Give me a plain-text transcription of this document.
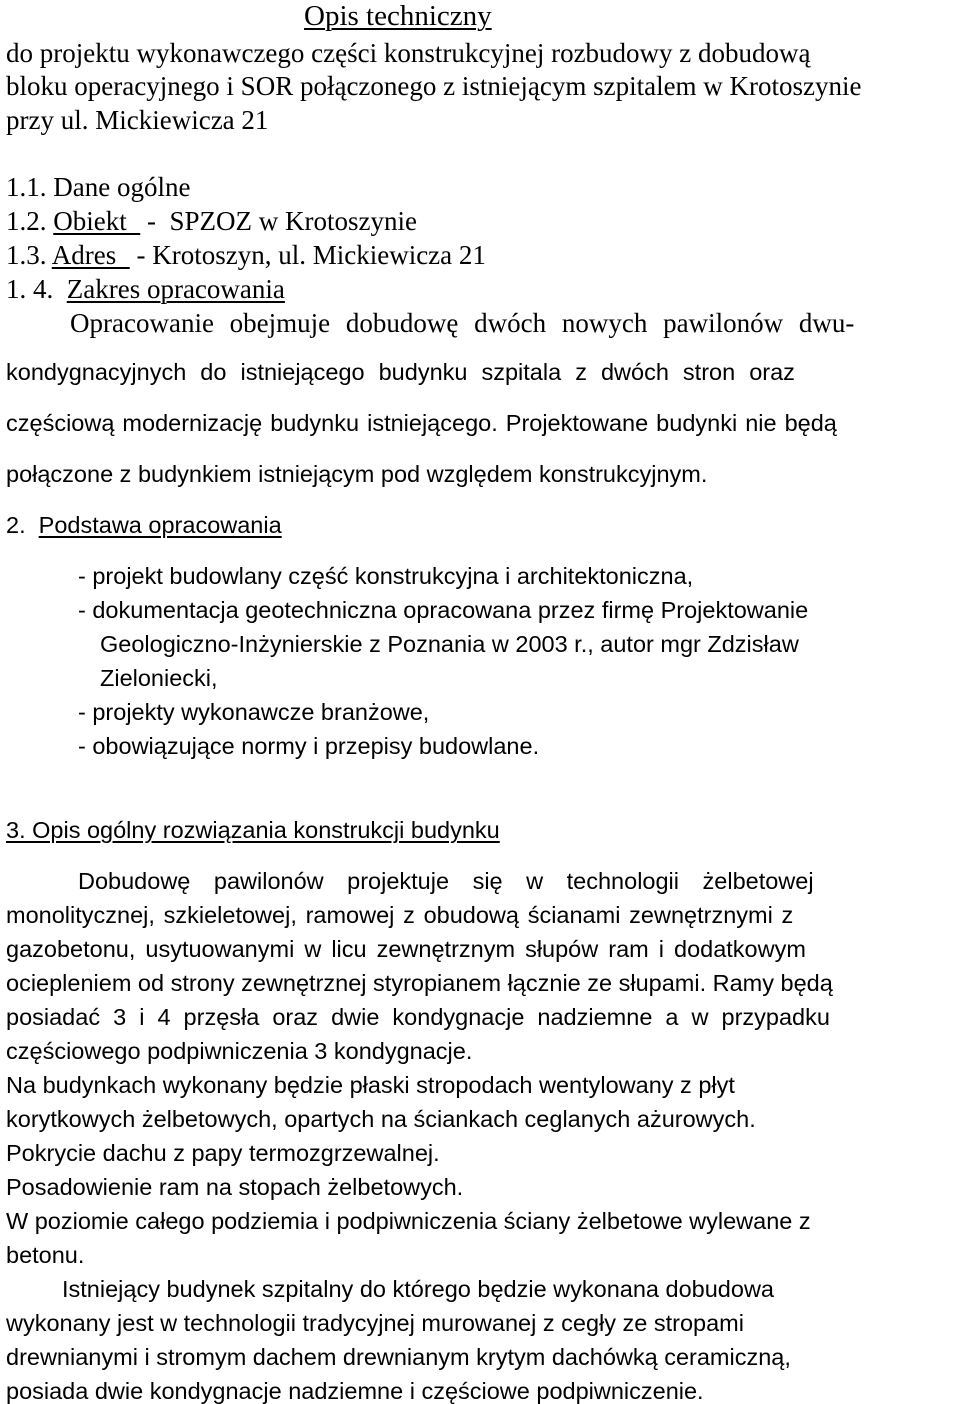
Opis techniczny
do projektu wykonawczego części konstrukcyjnej rozbudowy z dobudową
bloku operacyjnego i SOR połączonego z istniejącym szpitalem w Krotoszynie
przy ul. Mickiewicza 21
1.1. Dane ogólne
1.2. Obiekt   -  SPZOZ w Krotoszynie
1.3. Adres   - Krotoszyn, ul. Mickiewicza 21
1. 4.  Zakres opracowania
Opracowanie obejmuje dobudowę dwóch nowych pawilonów dwu-
kondygnacyjnych do istniejącego budynku szpitala z dwóch stron oraz
częściową modernizację budynku istniejącego. Projektowane budynki nie będą
połączone z budynkiem istniejącym pod względem konstrukcyjnym.
2.  Podstawa opracowania
- projekt budowlany część konstrukcyjna i architektoniczna,
- dokumentacja geotechniczna opracowana przez firmę Projektowanie
Geologiczno-Inżynierskie z Poznania w 2003 r., autor mgr Zdzisław
Zieloniecki,
- projekty wykonawcze branżowe,
- obowiązujące normy i przepisy budowlane.
3. Opis ogólny rozwiązania konstrukcji budynku
Dobudowę pawilonów projektuje się w technologii żelbetowej
monolitycznej, szkieletowej, ramowej z obudową ścianami zewnętrznymi z
gazobetonu, usytuowanymi w licu zewnętrznym słupów ram i dodatkowym
ociepleniem od strony zewnętrznej styropianem łącznie ze słupami. Ramy będą
posiadać 3 i 4 przęsła oraz dwie kondygnacje nadziemne a w przypadku
częściowego podpiwniczenia 3 kondygnacje.
Na budynkach wykonany będzie płaski stropodach wentylowany z płyt
korytkowych żelbetowych, opartych na ściankach ceglanych ażurowych.
Pokrycie dachu z papy termozgrzewalnej.
Posadowienie ram na stopach żelbetowych.
W poziomie całego podziemia i podpiwniczenia ściany żelbetowe wylewane z
betonu.
Istniejący budynek szpitalny do którego będzie wykonana dobudowa
wykonany jest w technologii tradycyjnej murowanej z cegły ze stropami
drewnianymi i stromym dachem drewnianym krytym dachówką ceramiczną,
posiada dwie kondygnacje nadziemne i częściowe podpiwniczenie.
